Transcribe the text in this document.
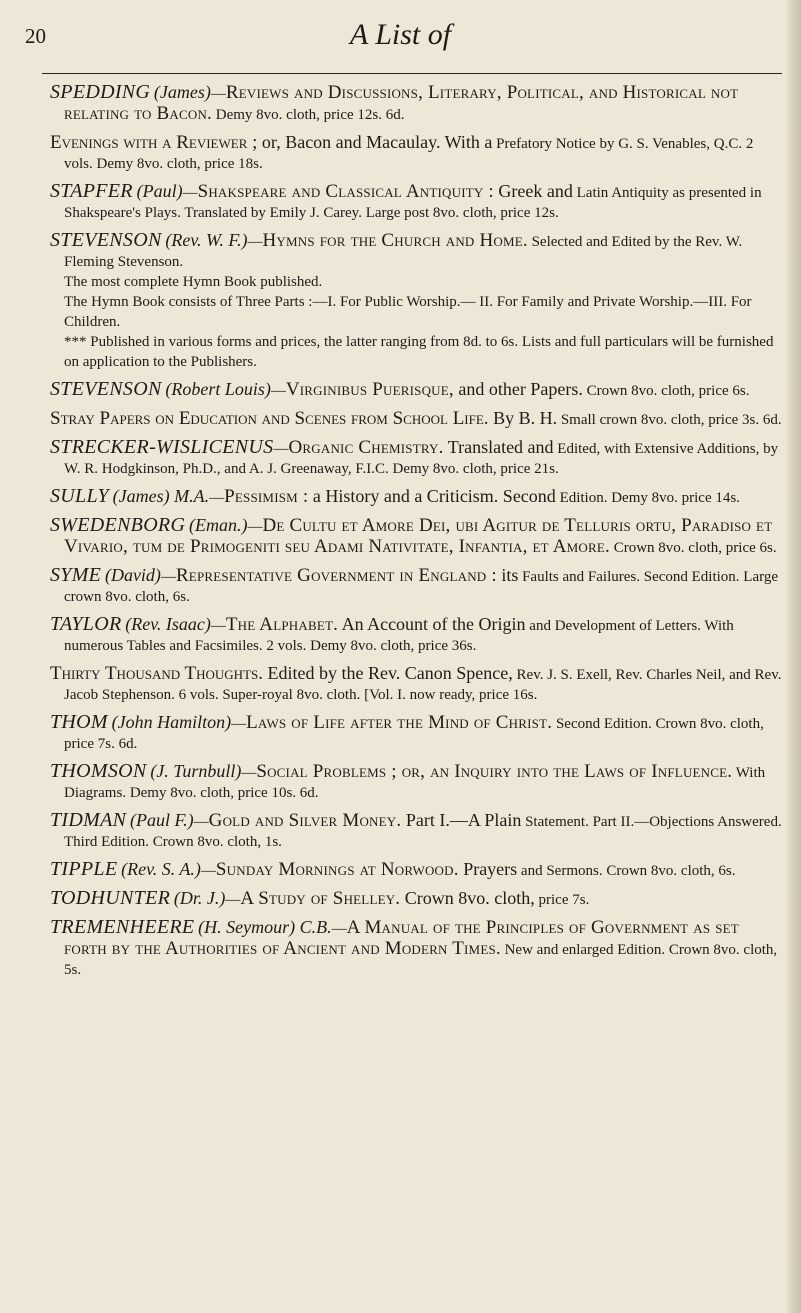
20	A List of

SPEDDING (James)—Reviews and Discussions, Literary, Political, and Historical not relating to Bacon. Demy 8vo. cloth, price 12s. 6d.

Evenings with a Reviewer ; or, Bacon and Macaulay. With a Prefatory Notice by G. S. Venables, Q.C. 2 vols. Demy 8vo. cloth, price 18s.

STAPFER (Paul)—Shakspeare and Classical Antiquity : Greek and Latin Antiquity as presented in Shakspeare's Plays. Translated by Emily J. Carey. Large post 8vo. cloth, price 12s.

STEVENSON (Rev. W. F.)—Hymns for the Church and Home. Selected and Edited by the Rev. W. Fleming Stevenson.

The most complete Hymn Book published.

The Hymn Book consists of Three Parts :—I. For Public Worship.— II. For Family and Private Worship.—III. For Children.

*** Published in various forms and prices, the latter ranging from 8d. to 6s. Lists and full particulars will be furnished on application to the Publishers.

STEVENSON (Robert Louis)—Virginibus Puerisque, and other Papers. Crown 8vo. cloth, price 6s.

Stray Papers on Education and Scenes from School Life. By B. H. Small crown 8vo. cloth, price 3s. 6d.

STRECKER-WISLICENUS—Organic Chemistry. Translated and Edited, with Extensive Additions, by W. R. Hodgkinson, Ph.D., and A. J. Greenaway, F.I.C. Demy 8vo. cloth, price 21s.

SULLY (James) M.A.—Pessimism : a History and a Criticism. Second Edition. Demy 8vo. price 14s.

SWEDENBORG (Eman.)—De Cultu et Amore Dei, ubi Agitur de Telluris ortu, Paradiso et Vivario, tum de Primogeniti seu Adami Nativitate, Infantia, et Amore. Crown 8vo. cloth, price 6s.

SYME (David)—Representative Government in England : its Faults and Failures. Second Edition. Large crown 8vo. cloth, 6s.

TAYLOR (Rev. Isaac)—The Alphabet. An Account of the Origin and Development of Letters. With numerous Tables and Facsimiles. 2 vols. Demy 8vo. cloth, price 36s.

Thirty Thousand Thoughts. Edited by the Rev. Canon Spence, Rev. J. S. Exell, Rev. Charles Neil, and Rev. Jacob Stephenson. 6 vols. Super-royal 8vo. cloth. [Vol. I. now ready, price 16s.

THOM (John Hamilton)—Laws of Life after the Mind of Christ. Second Edition. Crown 8vo. cloth, price 7s. 6d.

THOMSON (J. Turnbull)—Social Problems ; or, an Inquiry into the Laws of Influence. With Diagrams. Demy 8vo. cloth, price 10s. 6d.

TIDMAN (Paul F.)—Gold and Silver Money. Part I.—A Plain Statement. Part II.—Objections Answered. Third Edition. Crown 8vo. cloth, 1s.

TIPPLE (Rev. S. A.)—Sunday Mornings at Norwood. Prayers and Sermons. Crown 8vo. cloth, 6s.

TODHUNTER (Dr. J.)—A Study of Shelley. Crown 8vo. cloth, price 7s.

TREMENHEERE (H. Seymour) C.B.—A Manual of the Principles of Government as set forth by the Authorities of Ancient and Modern Times. New and enlarged Edition. Crown 8vo. cloth, 5s.
